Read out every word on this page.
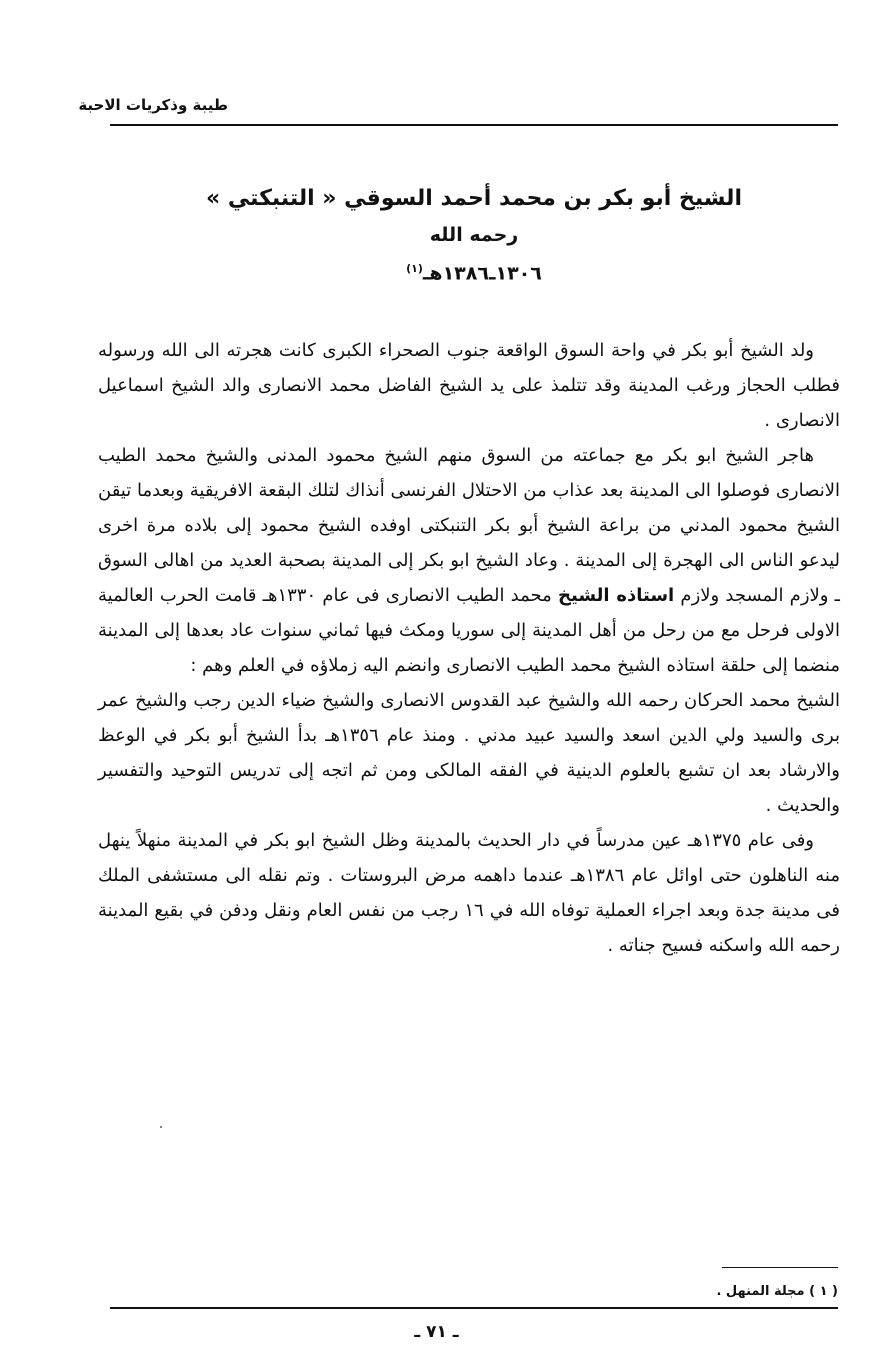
طيبة وذكريات الاحبة
الشيخ أبو بكر بن محمد أحمد السوقي « التنبكتي »
رحمه الله
١٣٠٦ـ١٣٨٦هـ$^{(١)}$

ولد الشيخ أبو بكر في واحة السوق الواقعة جنوب الصحراء الكبرى كانت هجرته الى الله ورسوله فطلب الحجاز ورغب المدينة وقد تتلمذ على يد الشيخ الفاضل محمد الانصارى والد الشيخ اسماعيل الانصارى .

هاجر الشيخ ابو بكر مع جماعته من السوق منهم الشيخ محمود المدنى والشيخ محمد الطيب الانصارى فوصلوا الى المدينة بعد عذاب من الاحتلال الفرنسى أنذاك لتلك البقعة الافريقية وبعدما تيقن الشيخ محمود المدني من براعة الشيخ أبو بكر التنبكتى اوفده الشيخ محمود إلى بلاده مرة اخرى ليدعو الناس الى الهجرة إلى المدينة . وعاد الشيخ ابو بكر إلى المدينة بصحبة العديد من اهالى السوق ـ ولازم المسجد ولازم استاذه الشيخ محمد الطيب الانصارى فى عام ١٣٣٠هـ قامت الحرب العالمية الاولى فرحل مع من رحل من أهل المدينة إلى سوريا ومكث فيها ثماني سنوات عاد بعدها إلى المدينة منضما إلى حلقة استاذه الشيخ محمد الطيب الانصارى وانضم اليه زملاؤه في العلم وهم :

الشيخ محمد الحركان رحمه الله والشيخ عبد القدوس الانصارى والشيخ ضياء الدين رجب والشيخ عمر برى والسيد ولي الدين اسعد والسيد عبيد مدني . ومنذ عام ١٣٥٦هـ بدأ الشيخ أبو بكر في الوعظ والارشاد بعد ان تشبع بالعلوم الدينية في الفقه المالكى ومن ثم اتجه إلى تدريس التوحيد والتفسير والحديث .

وفى عام ١٣٧٥هـ عين مدرساً في دار الحديث بالمدينة وظل الشيخ ابو بكر في المدينة منهلاً ينهل منه الناهلون حتى اوائل عام ١٣٨٦هـ عندما داهمه مرض البروستات . وتم نقله الى مستشفى الملك فى مدينة جدة وبعد اجراء العملية توفاه الله في ١٦ رجب من نفس العام ونقل ودفن في بقيع المدينة رحمه الله واسكنه فسيح جناته .

( ١ ) مجلة المنهل .
ـ ٧١ ـ
